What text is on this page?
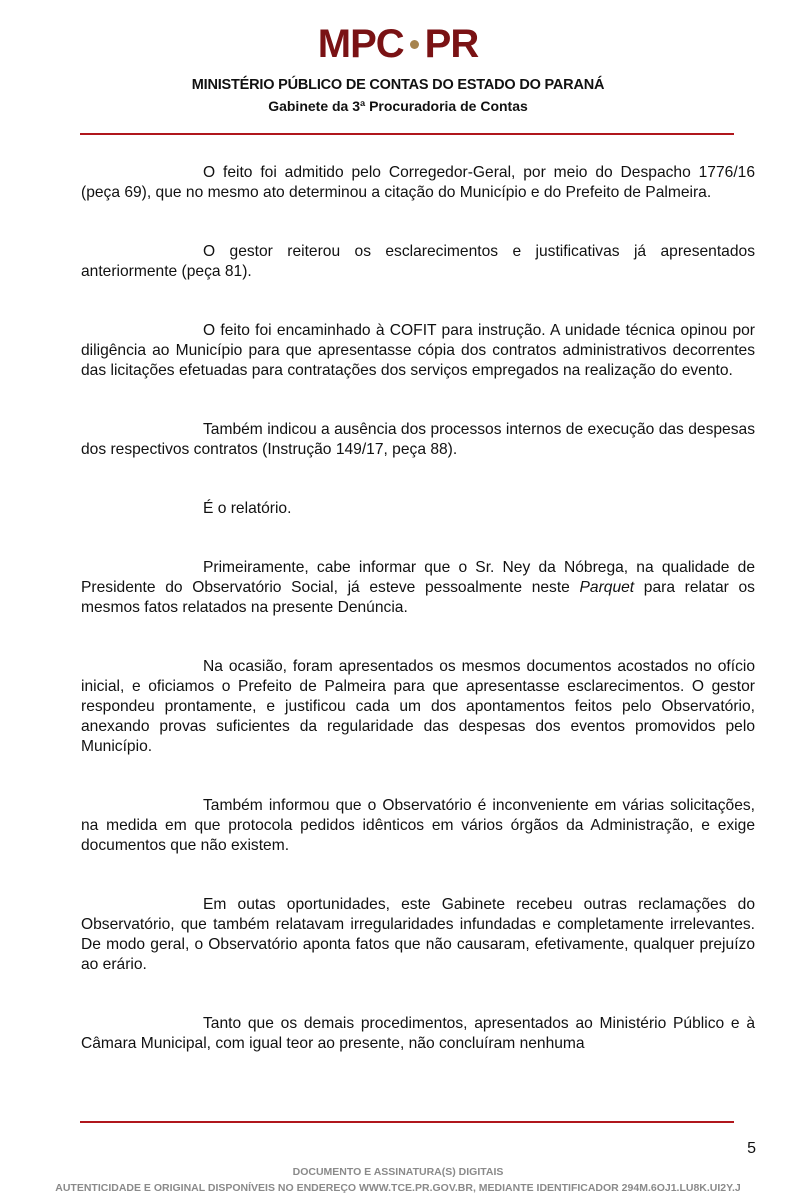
MPC PR
MINISTÉRIO PÚBLICO DE CONTAS DO ESTADO DO PARANÁ
Gabinete da 3ª Procuradoria de Contas

O feito foi admitido pelo Corregedor-Geral, por meio do Despacho 1776/16 (peça 69), que no mesmo ato determinou a citação do Município e do Prefeito de Palmeira.

O gestor reiterou os esclarecimentos e justificativas já apresentados anteriormente (peça 81).

O feito foi encaminhado à COFIT para instrução. A unidade técnica opinou por diligência ao Município para que apresentasse cópia dos contratos administrativos decorrentes das licitações efetuadas para contratações dos serviços empregados na realização do evento.

Também indicou a ausência dos processos internos de execução das despesas dos respectivos contratos (Instrução 149/17, peça 88).

É o relatório.

Primeiramente, cabe informar que o Sr. Ney da Nóbrega, na qualidade de Presidente do Observatório Social, já esteve pessoalmente neste Parquet para relatar os mesmos fatos relatados na presente Denúncia.

Na ocasião, foram apresentados os mesmos documentos acostados no ofício inicial, e oficiamos o Prefeito de Palmeira para que apresentasse esclarecimentos. O gestor respondeu prontamente, e justificou cada um dos apontamentos feitos pelo Observatório, anexando provas suficientes da regularidade das despesas dos eventos promovidos pelo Município.

Também informou que o Observatório é inconveniente em várias solicitações, na medida em que protocola pedidos idênticos em vários órgãos da Administração, e exige documentos que não existem.

Em outas oportunidades, este Gabinete recebeu outras reclamações do Observatório, que também relatavam irregularidades infundadas e completamente irrelevantes. De modo geral, o Observatório aponta fatos que não causaram, efetivamente, qualquer prejuízo ao erário.

Tanto que os demais procedimentos, apresentados ao Ministério Público e à Câmara Municipal, com igual teor ao presente, não concluíram nenhuma

5
DOCUMENTO E ASSINATURA(S) DIGITAIS
AUTENTICIDADE E ORIGINAL DISPONÍVEIS NO ENDEREÇO WWW.TCE.PR.GOV.BR, MEDIANTE IDENTIFICADOR 294M.6OJ1.LU8K.UI2Y.J
